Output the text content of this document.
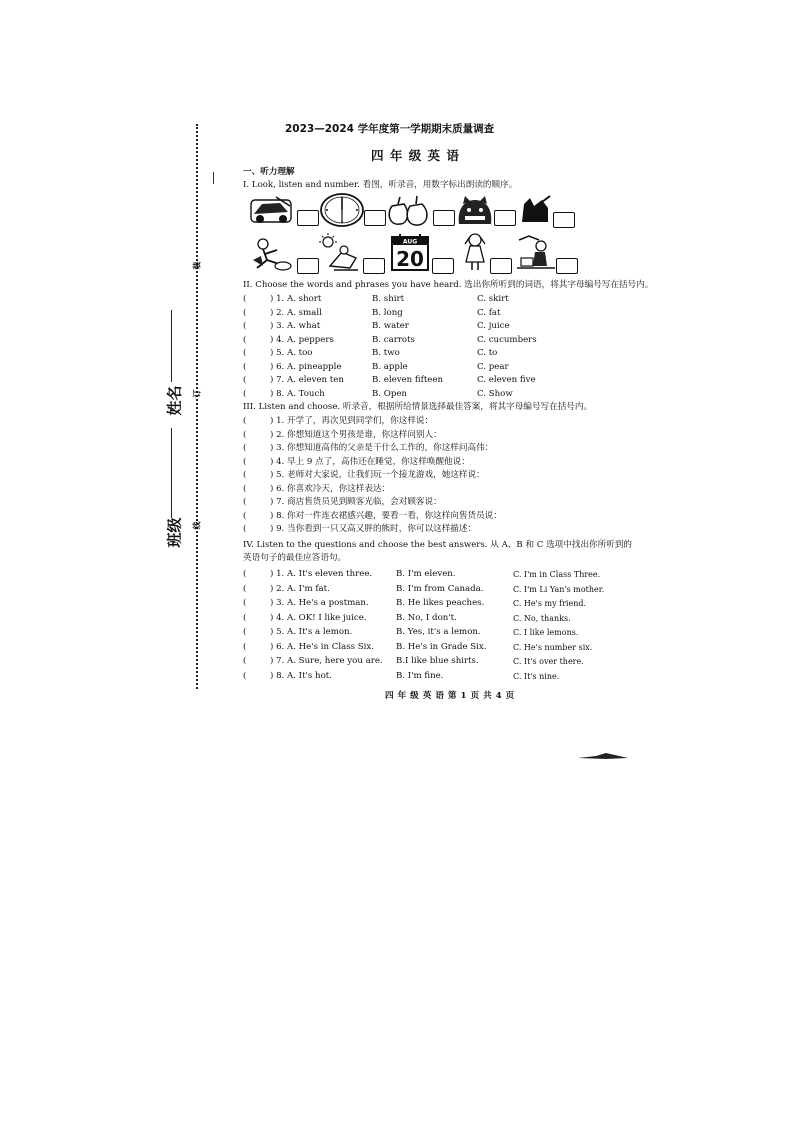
装
订
线
姓名
班级
2023—2024 学年度第一学期期末质量调查
四 年 级 英 语
一、听力理解
I. Look, listen and number. 看图，听录音，用数字标出朗读的顺序。
AUG
20
II. Choose the words and phrases you have heard. 选出你所听到的词语，将其字母编号写在括号内。
(	) 1. A. short	B. shirt	C. skirt
(	) 2. A. small	B. long	C. fat
(	) 3. A. what	B. water	C. juice
(	) 4. A. peppers	B. carrots	C. cucumbers
(	) 5. A. too	B. two	C. to
(	) 6. A. pineapple	B. apple	C. pear
(	) 7. A. eleven ten	B. eleven fifteen	C. eleven five
(	) 8. A. Touch	B. Open	C. Show
III. Listen and choose. 听录音，根据所给情景选择最佳答案，将其字母编号写在括号内。
(	) 1. 开学了，再次见到同学们，你这样说：
(	) 2. 你想知道这个男孩是谁，你这样问别人：
(	) 3. 你想知道高伟的父亲是干什么工作的，你这样问高伟：
(	) 4. 早上 9 点了，高伟还在睡觉，你这样唤醒他说：
(	) 5. 老师对大家说，让我们玩一个接龙游戏，她这样说：
(	) 6. 你喜欢冷天，你这样表达：
(	) 7. 商店售货员见到顾客光临，会对顾客说：
(	) 8. 你对一件连衣裙感兴趣，要看一看，你这样向售货员说：
(	) 9. 当你看到一只又高又胖的熊时，你可以这样描述：
IV. Listen to the questions and choose the best answers. 从 A、B 和 C 选项中找出你所听到的
英语句子的最佳应答语句。
(	) 1. A. It's eleven three.	B. I'm eleven.	C. I'm in Class Three.
(	) 2. A. I'm fat.	B. I'm from Canada.	C. I'm Li Yan's mother.
(	) 3. A. He's a postman.	B. He likes peaches.	C. He's my friend.
(	) 4. A. OK! I like juice.	B. No, I don't.	C. No, thanks.
(	) 5. A. It's a lemon.	B. Yes, it's a lemon.	C. I like lemons.
(	) 6. A. He's in Class Six.	B. He's in Grade Six.	C. He's number six.
(	) 7. A. Sure, here you are. B.I like blue shirts.	C. It's over there.
(	) 8. A. It's hot.	B. I'm fine.	C. It's nine.
四 年 级 英 语 第 1 页 共 4 页
